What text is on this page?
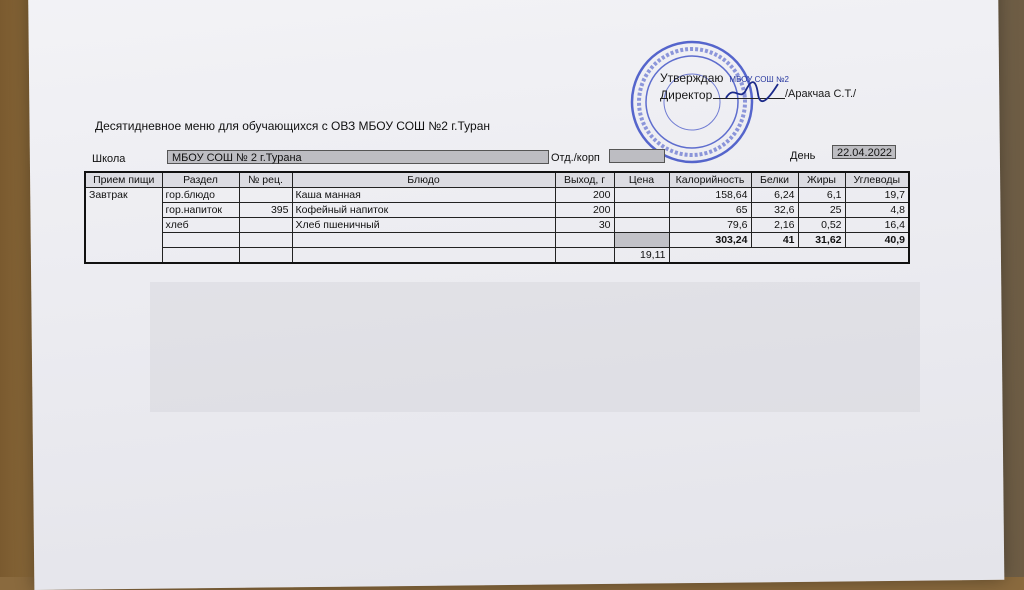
Утверждаю МБОУ СОШ №2
Директор	/Аракчаа С.Т./
Десятидневное меню для обучающихся с ОВЗ МБОУ СОШ №2 г.Туран
Школа	МБОУ СОШ № 2 г.Турана	Отд./корп	День	22.04.2022
Прием пищи	Раздел	№ рец.	Блюдо	Выход, г	Цена	Калорийность	Белки	Жиры	Углеводы
Завтрак	гор.блюдо		Каша манная	200		158,64	6,24	6,1	19,7
	гор.напиток	395	Кофейный напиток	200		65	32,6	25	4,8
	хлеб		Хлеб пшеничный	30		79,6	2,16	0,52	16,4
						303,24	41	31,62	40,9
					19,11				
